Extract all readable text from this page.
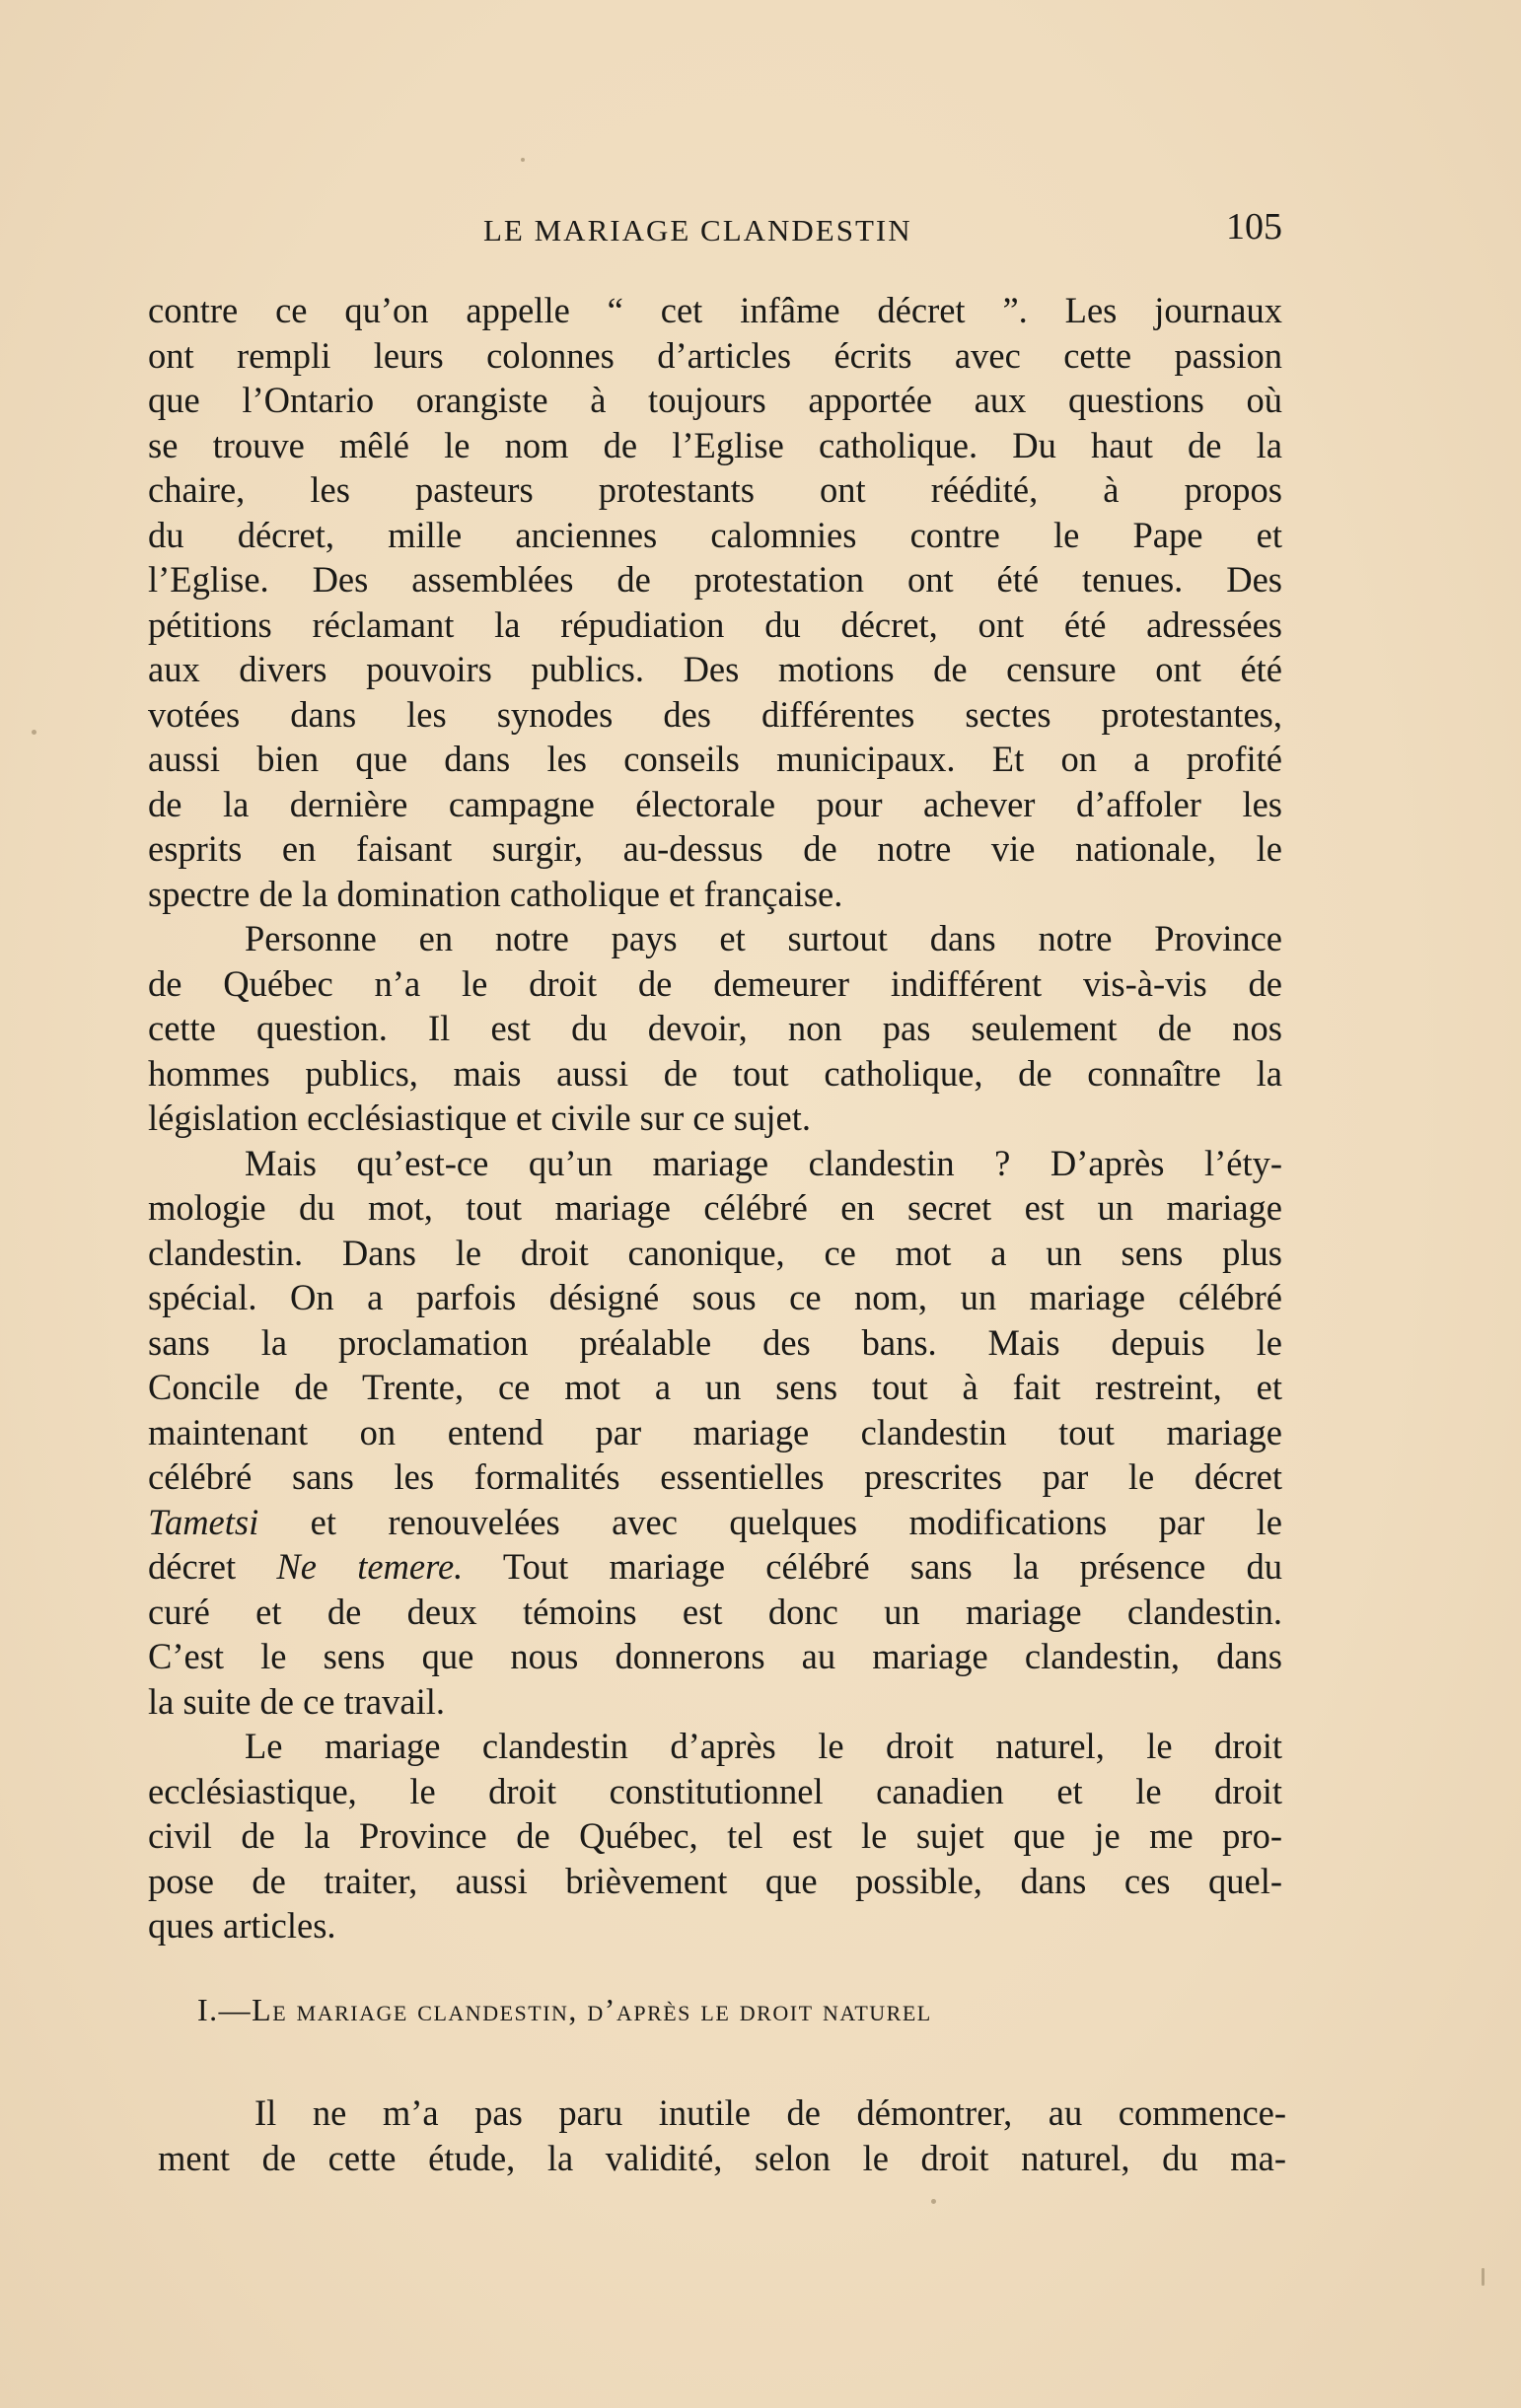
LE MARIAGE CLANDESTIN	105
contre ce qu’on appelle “ cet infâme décret ”. Les journaux
ont rempli leurs colonnes d’articles écrits avec cette passion
que l’Ontario orangiste à toujours apportée aux questions où
se trouve mêlé le nom de l’Eglise catholique. Du haut de la
chaire, les pasteurs protestants ont réédité, à propos
du décret, mille anciennes calomnies contre le Pape et
l’Eglise. Des assemblées de protestation ont été tenues. Des
pétitions réclamant la répudiation du décret, ont été adressées
aux divers pouvoirs publics. Des motions de censure ont été
votées dans les synodes des différentes sectes protestantes,
aussi bien que dans les conseils municipaux. Et on a profité
de la dernière campagne électorale pour achever d’affoler les
esprits en faisant surgir, au-dessus de notre vie nationale, le
spectre de la domination catholique et française.
Personne en notre pays et surtout dans notre Province
de Québec n’a le droit de demeurer indifférent vis-à-vis de
cette question. Il est du devoir, non pas seulement de nos
hommes publics, mais aussi de tout catholique, de connaître la
législation ecclésiastique et civile sur ce sujet.
Mais qu’est-ce qu’un mariage clandestin ? D’après l’éty-
mologie du mot, tout mariage célébré en secret est un mariage
clandestin. Dans le droit canonique, ce mot a un sens plus
spécial. On a parfois désigné sous ce nom, un mariage célébré
sans la proclamation préalable des bans. Mais depuis le
Concile de Trente, ce mot a un sens tout à fait restreint, et
maintenant on entend par mariage clandestin tout mariage
célébré sans les formalités essentielles prescrites par le décret
Tametsi et renouvelées avec quelques modifications par le
décret Ne temere. Tout mariage célébré sans la présence du
curé et de deux témoins est donc un mariage clandestin.
C’est le sens que nous donnerons au mariage clandestin, dans
la suite de ce travail.
Le mariage clandestin d’après le droit naturel, le droit
ecclésiastique, le droit constitutionnel canadien et le droit
civil de la Province de Québec, tel est le sujet que je me pro-
pose de traiter, aussi brièvement que possible, dans ces quel-
ques articles.
I.—Le mariage clandestin, d’après le droit naturel
Il ne m’a pas paru inutile de démontrer, au commence-
ment de cette étude, la validité, selon le droit naturel, du ma-
